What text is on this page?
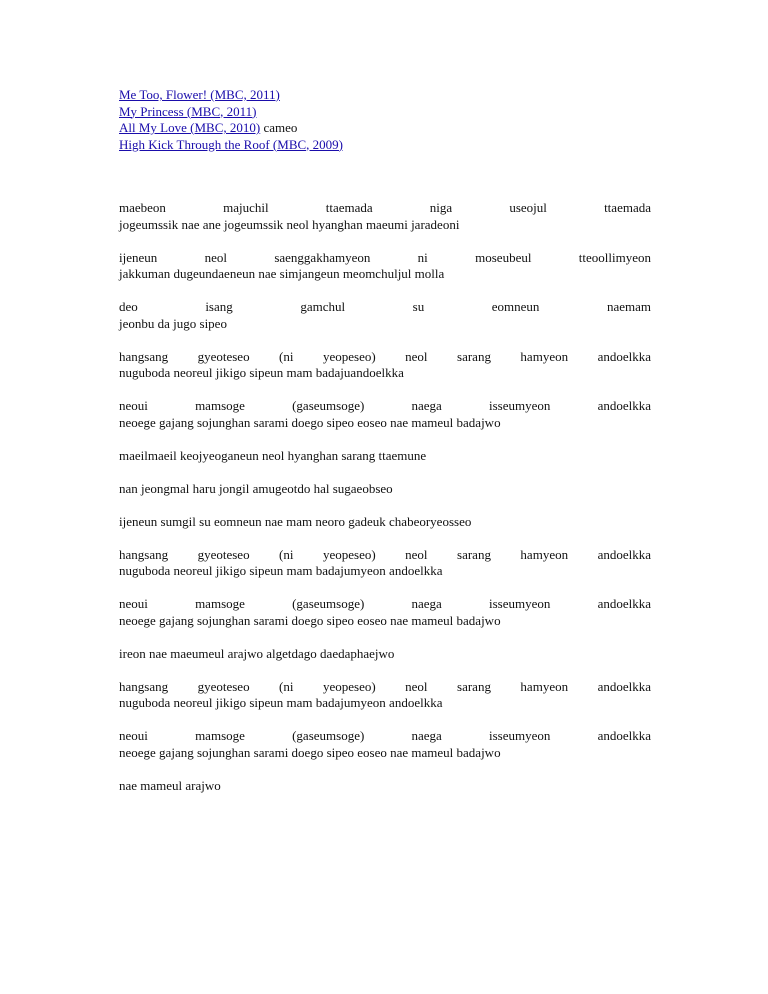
Me Too, Flower! (MBC, 2011)
My Princess (MBC, 2011)
All My Love (MBC, 2010) cameo
High Kick Through the Roof (MBC, 2009)
maebeon majuchil ttaemada niga useojul ttaemada
jogeumssik nae ane jogeumssik neol hyanghan maeumi jaradeoni
ijeneun neol saenggakhamyeon ni moseubeul tteoollimyeon
jakkuman dugeundaeneun nae simjangeun meomchuljul molla
deo isang gamchul su eomneun naemam
jeonbu da jugo sipeo
hangsang gyeoteseo (ni yeopeseo) neol sarang hamyeon andoelkka
nuguboda neoreul jikigo sipeun mam badajuandoelkka
neoui mamsoge (gaseumsoge) naega isseumyeon andoelkka
neoege gajang sojunghan sarami doego sipeo eoseo nae mameul badajwo
maeilmaeil keojyeoganeun neol hyanghan sarang ttaemune
nan jeongmal haru jongil amugeotdo hal sugaeobseo
ijeneun sumgil su eomneun nae mam neoro gadeuk chabeoryeosseo
hangsang gyeoteseo (ni yeopeseo) neol sarang hamyeon andoelkka
nuguboda neoreul jikigo sipeun mam badajumyeon andoelkka
neoui mamsoge (gaseumsoge) naega isseumyeon andoelkka
neoege gajang sojunghan sarami doego sipeo eoseo nae mameul badajwo
ireon nae maeumeul arajwo algetdago daedaphaejwo
hangsang gyeoteseo (ni yeopeseo) neol sarang hamyeon andoelkka
nuguboda neoreul jikigo sipeun mam badajumyeon andoelkka
neoui mamsoge (gaseumsoge) naega isseumyeon andoelkka
neoege gajang sojunghan sarami doego sipeo eoseo nae mameul badajwo
nae mameul arajwo
